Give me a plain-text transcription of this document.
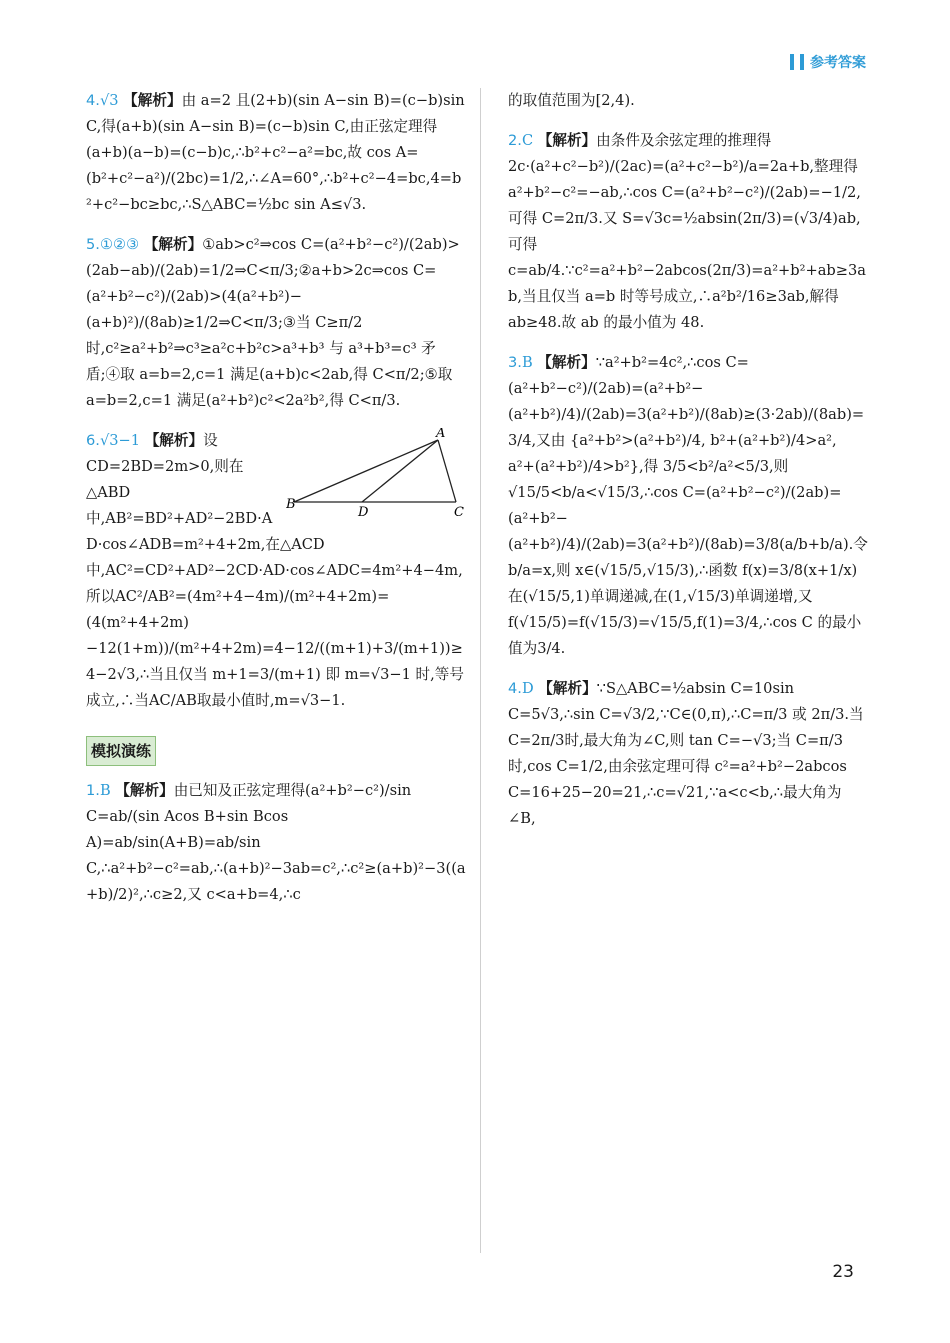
参考答案

4.√3 【解析】由 a=2 且(2+b)(sin A−sin B)=(c−b)sin C,得(a+b)(sin A−sin B)=(c−b)sin C,由正弦定理得(a+b)(a−b)=(c−b)c,∴b²+c²−a²=bc,故 cos A=(b²+c²−a²)/(2bc)=1/2,∴∠A=60°,∴b²+c²−4=bc,4=b²+c²−bc≥bc,∴S△ABC=½bc sin A≤√3.

5.①②③ 【解析】①ab>c²⇒cos C=(a²+b²−c²)/(2ab)>(2ab−ab)/(2ab)=1/2⇒C<π/3;②a+b>2c⇒cos C=(a²+b²−c²)/(2ab)>(4(a²+b²)−(a+b)²)/(8ab)≥1/2⇒C<π/3;③当 C≥π/2 时,c²≥a²+b²⇒c³≥a²c+b²c>a³+b³ 与 a³+b³=c³ 矛盾;④取 a=b=2,c=1 满足(a+b)c<2ab,得 C<π/2;⑤取 a=b=2,c=1 满足(a²+b²)c²<2a²b²,得 C<π/3.

A
B
C
D
6.√3−1 【解析】设 CD=2BD=2m>0,则在△ABD 中,AB²=BD²+AD²−2BD·AD·cos∠ADB=m²+4+2m,在△ACD 中,AC²=CD²+AD²−2CD·AD·cos∠ADC=4m²+4−4m,所以AC²/AB²=(4m²+4−4m)/(m²+4+2m)=(4(m²+4+2m)−12(1+m))/(m²+4+2m)=4−12/((m+1)+3/(m+1))≥4−2√3,∴当且仅当 m+1=3/(m+1) 即 m=√3−1 时,等号成立,∴当AC/AB取最小值时,m=√3−1.

模拟演练

1.B 【解析】由已知及正弦定理得(a²+b²−c²)/sin C=ab/(sin Acos B+sin Bcos A)=ab/sin(A+B)=ab/sin C,∴a²+b²−c²=ab,∴(a+b)²−3ab=c²,∴c²≥(a+b)²−3((a+b)/2)²,∴c≥2,又 c<a+b=4,∴c

的取值范围为[2,4).

2.C 【解析】由条件及余弦定理的推理得 2c·(a²+c²−b²)/(2ac)=(a²+c²−b²)/a=2a+b,整理得 a²+b²−c²=−ab,∴cos C=(a²+b²−c²)/(2ab)=−1/2,可得 C=2π/3.又 S=√3c=½absin(2π/3)=(√3/4)ab,可得 c=ab/4.∵c²=a²+b²−2abcos(2π/3)=a²+b²+ab≥3ab,当且仅当 a=b 时等号成立,∴a²b²/16≥3ab,解得 ab≥48.故 ab 的最小值为 48.

3.B 【解析】∵a²+b²=4c²,∴cos C=(a²+b²−c²)/(2ab)=(a²+b²−(a²+b²)/4)/(2ab)=3(a²+b²)/(8ab)≥(3·2ab)/(8ab)=3/4,又由 {a²+b²>(a²+b²)/4, b²+(a²+b²)/4>a², a²+(a²+b²)/4>b²},得 3/5<b²/a²<5/3,则 √15/5<b/a<√15/3,∴cos C=(a²+b²−c²)/(2ab)=(a²+b²−(a²+b²)/4)/(2ab)=3(a²+b²)/(8ab)=3/8(a/b+b/a).令 b/a=x,则 x∈(√15/5,√15/3),∴函数 f(x)=3/8(x+1/x)在(√15/5,1)单调递减,在(1,√15/3)单调递增,又 f(√15/5)=f(√15/3)=√15/5,f(1)=3/4,∴cos C 的最小值为3/4.

4.D 【解析】∵S△ABC=½absin C=10sin C=5√3,∴sin C=√3/2,∵C∈(0,π),∴C=π/3 或 2π/3.当 C=2π/3时,最大角为∠C,则 tan C=−√3;当 C=π/3时,cos C=1/2,由余弦定理可得 c²=a²+b²−2abcos C=16+25−20=21,∴c=√21,∵a<c<b,∴最大角为∠B,

23
